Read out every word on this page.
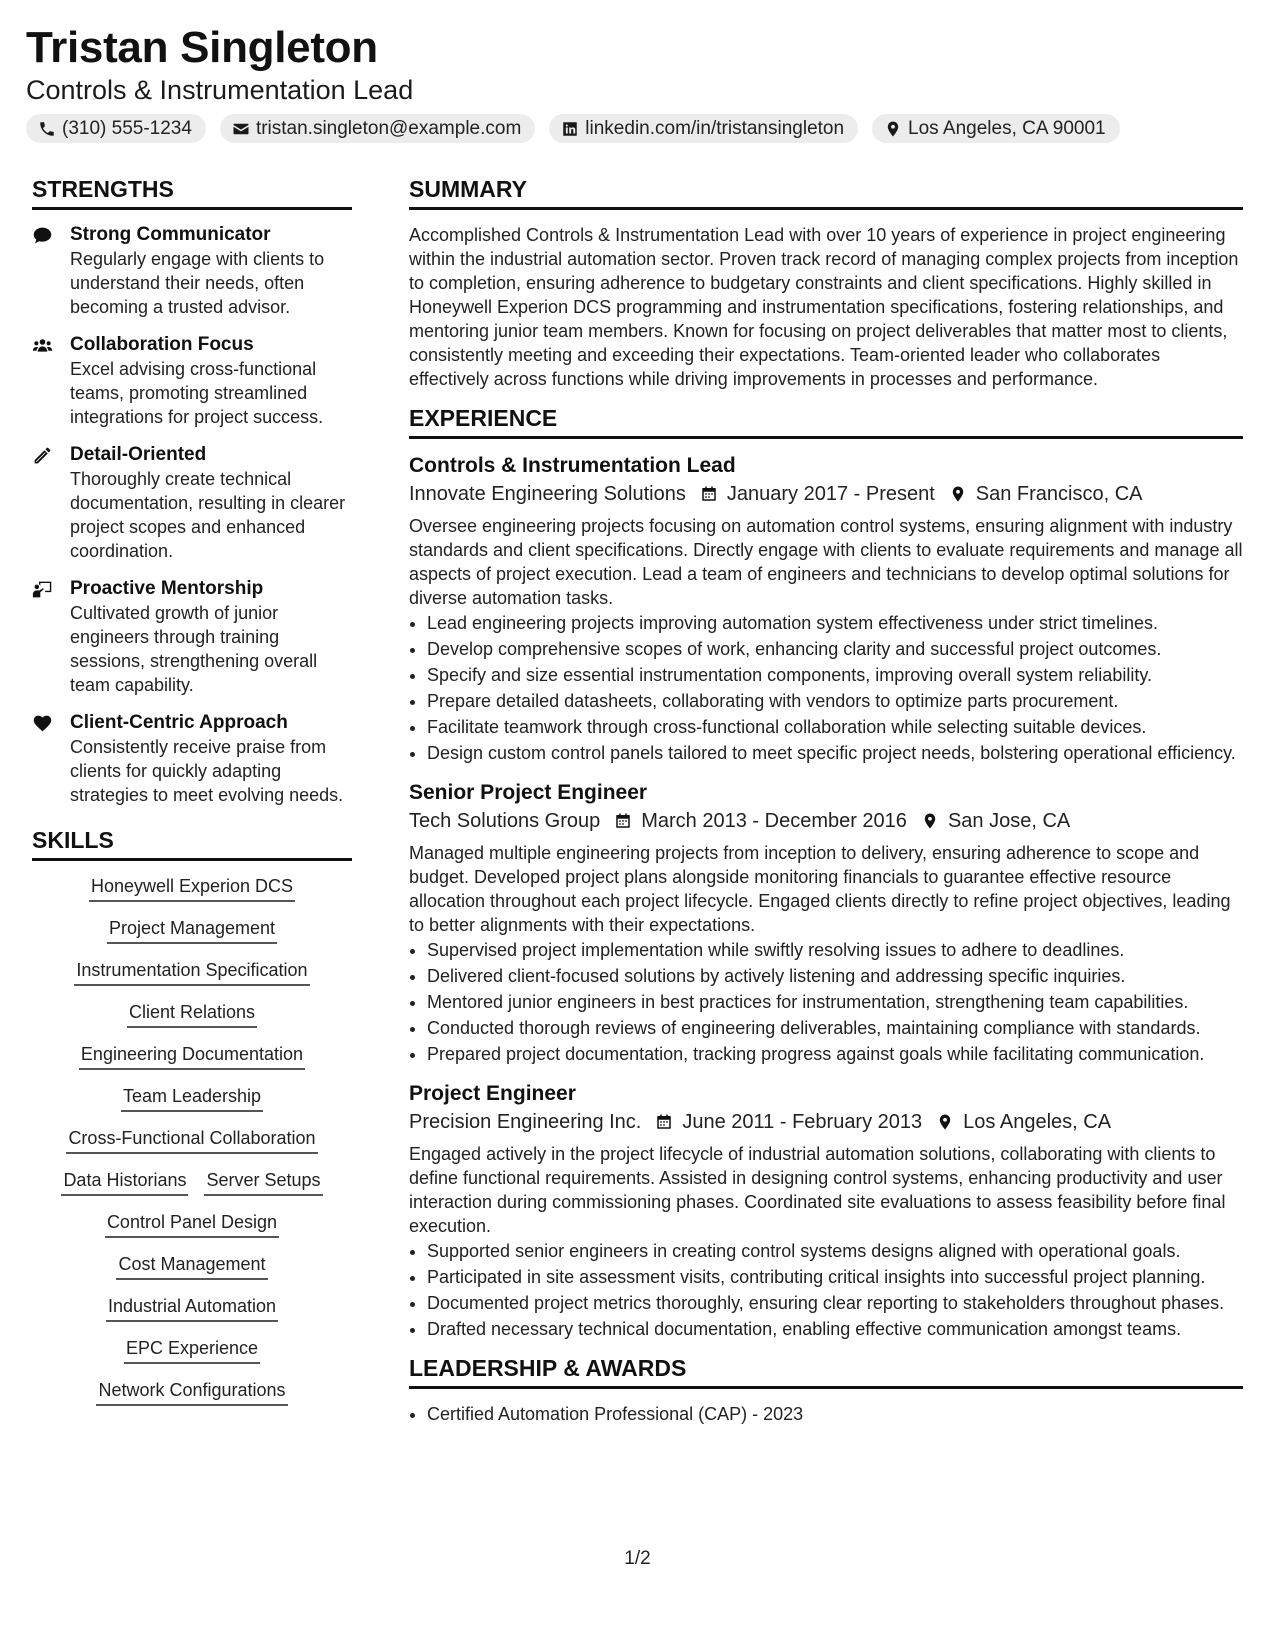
Tristan Singleton
Controls & Instrumentation Lead
(310) 555-1234	tristan.singleton@example.com	linkedin.com/in/tristansingleton	Los Angeles, CA 90001
STRENGTHS
Strong Communicator
Regularly engage with clients to understand their needs, often becoming a trusted advisor.
Collaboration Focus
Excel advising cross-functional teams, promoting streamlined integrations for project success.
Detail-Oriented
Thoroughly create technical documentation, resulting in clearer project scopes and enhanced coordination.
Proactive Mentorship
Cultivated growth of junior engineers through training sessions, strengthening overall team capability.
Client-Centric Approach
Consistently receive praise from clients for quickly adapting strategies to meet evolving needs.
SKILLS
Honeywell Experion DCS
Project Management
Instrumentation Specification
Client Relations
Engineering Documentation
Team Leadership
Cross-Functional Collaboration
Data Historians Server Setups
Control Panel Design
Cost Management
Industrial Automation
EPC Experience
Network Configurations
SUMMARY

Accomplished Controls & Instrumentation Lead with over 10 years of experience in project engineering within the industrial automation sector. Proven track record of managing complex projects from inception to completion, ensuring adherence to budgetary constraints and client specifications. Highly skilled in Honeywell Experion DCS programming and instrumentation specifications, fostering relationships, and mentoring junior team members. Known for focusing on project deliverables that matter most to clients, consistently meeting and exceeding their expectations. Team-oriented leader who collaborates effectively across functions while driving improvements in processes and performance.

EXPERIENCE
Controls & Instrumentation Lead
Innovate Engineering Solutions January 2017 - Present San Francisco, CA

Oversee engineering projects focusing on automation control systems, ensuring alignment with industry standards and client specifications. Directly engage with clients to evaluate requirements and manage all aspects of project execution. Lead a team of engineers and technicians to develop optimal solutions for diverse automation tasks.

• Lead engineering projects improving automation system effectiveness under strict timelines.
• Develop comprehensive scopes of work, enhancing clarity and successful project outcomes.
• Specify and size essential instrumentation components, improving overall system reliability.
• Prepare detailed datasheets, collaborating with vendors to optimize parts procurement.
• Facilitate teamwork through cross-functional collaboration while selecting suitable devices.
• Design custom control panels tailored to meet specific project needs, bolstering operational efficiency.
Senior Project Engineer
Tech Solutions Group March 2013 - December 2016 San Jose, CA

Managed multiple engineering projects from inception to delivery, ensuring adherence to scope and budget. Developed project plans alongside monitoring financials to guarantee effective resource allocation throughout each project lifecycle. Engaged clients directly to refine project objectives, leading to better alignments with their expectations.

• Supervised project implementation while swiftly resolving issues to adhere to deadlines.
• Delivered client-focused solutions by actively listening and addressing specific inquiries.
• Mentored junior engineers in best practices for instrumentation, strengthening team capabilities.
• Conducted thorough reviews of engineering deliverables, maintaining compliance with standards.
• Prepared project documentation, tracking progress against goals while facilitating communication.
Project Engineer
Precision Engineering Inc. June 2011 - February 2013 Los Angeles, CA

Engaged actively in the project lifecycle of industrial automation solutions, collaborating with clients to define functional requirements. Assisted in designing control systems, enhancing productivity and user interaction during commissioning phases. Coordinated site evaluations to assess feasibility before final execution.

• Supported senior engineers in creating control systems designs aligned with operational goals.
• Participated in site assessment visits, contributing critical insights into successful project planning.
• Documented project metrics thoroughly, ensuring clear reporting to stakeholders throughout phases.
• Drafted necessary technical documentation, enabling effective communication amongst teams.
LEADERSHIP & AWARDS
• Certified Automation Professional (CAP) - 2023
1/2
